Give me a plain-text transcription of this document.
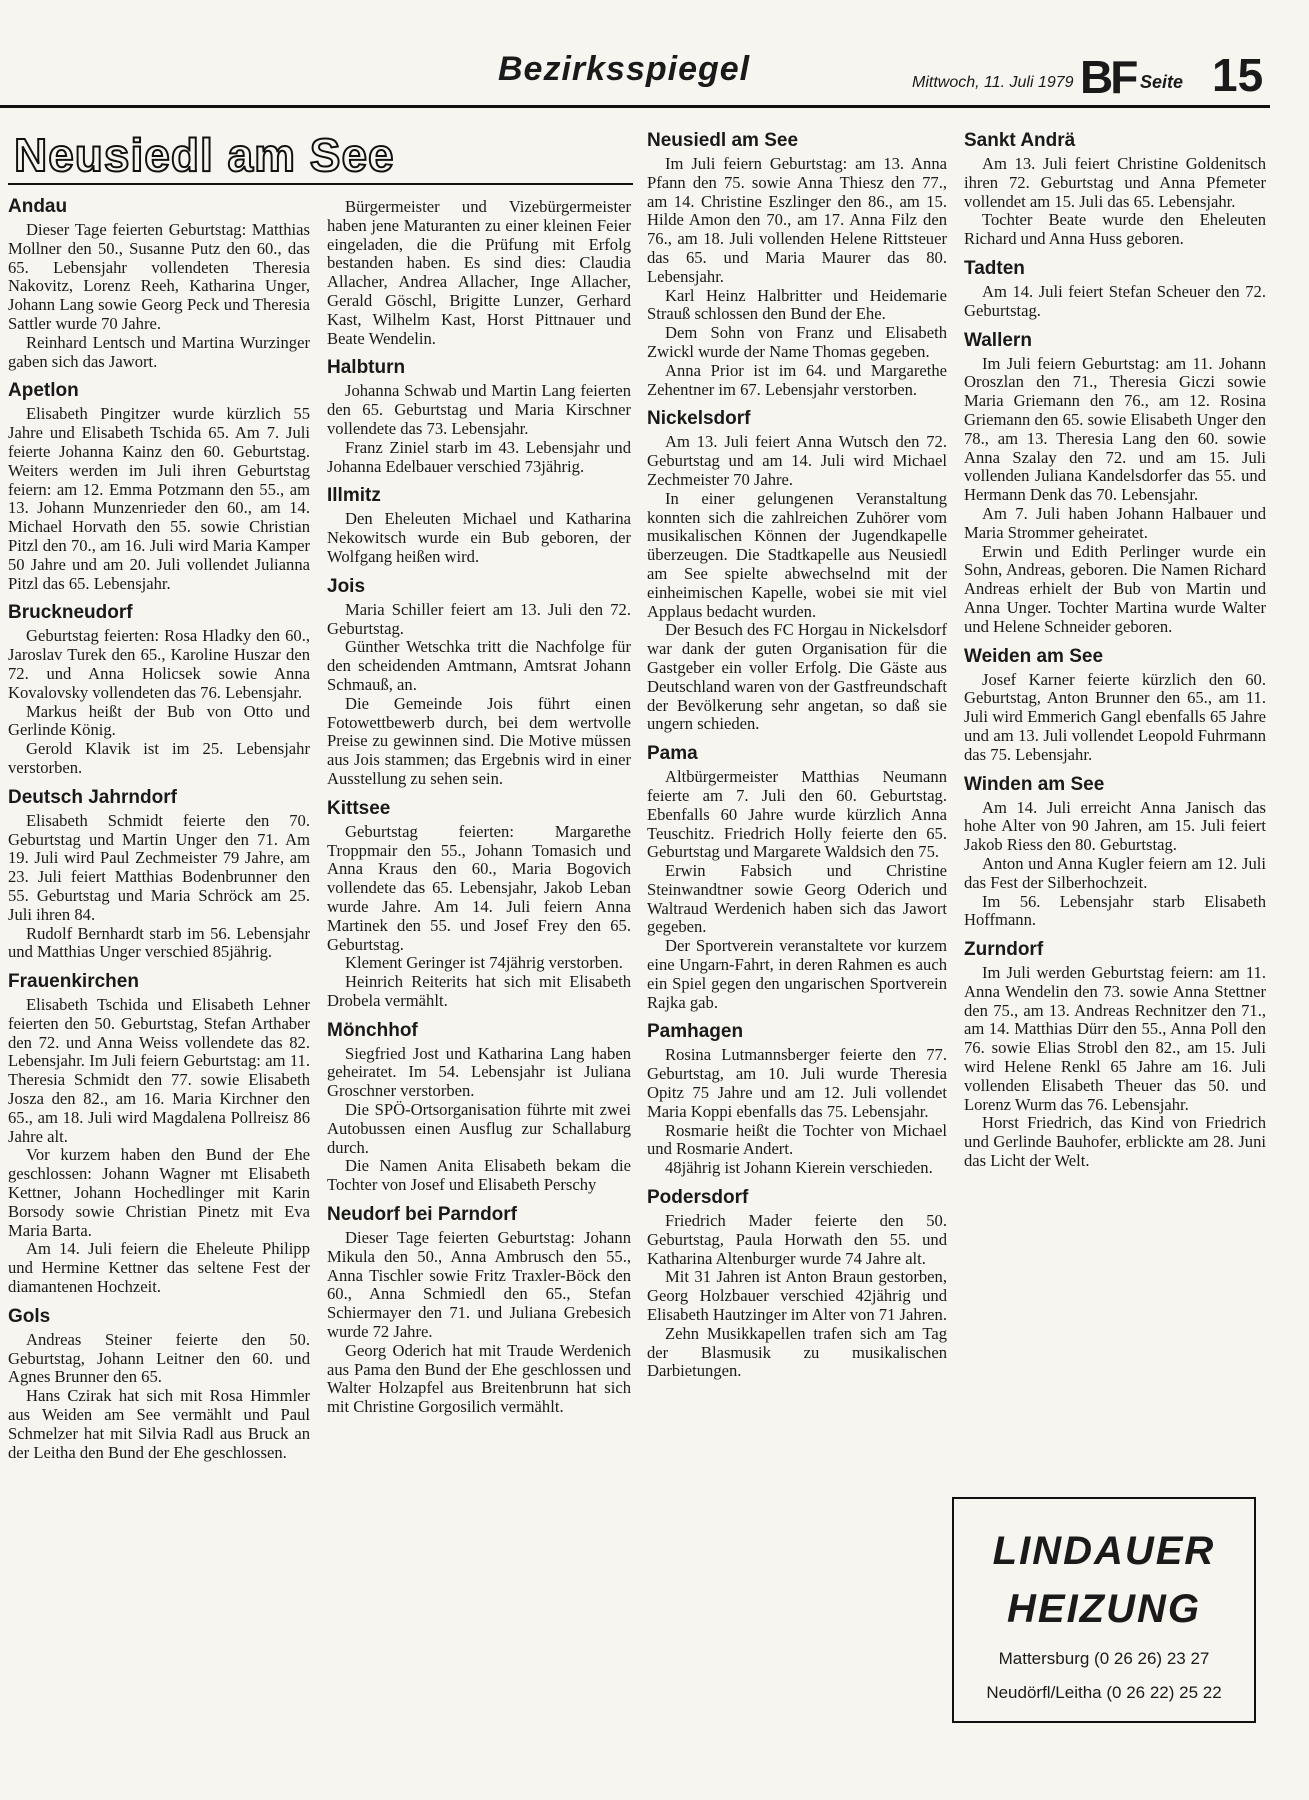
Bezirksspiegel	Mittwoch, 11. Juli 1979 BF Seite 15
Neusiedl am See
Andau

Dieser Tage feierten Geburtstag: Matthias Mollner den 50., Susanne Putz den 60., das 65. Lebensjahr vollendeten Theresia Nakovitz, Lorenz Reeh, Katharina Unger, Johann Lang sowie Georg Peck und Theresia Sattler wurde 70 Jahre.

Reinhard Lentsch und Martina Wurzinger gaben sich das Jawort.

Apetlon

Elisabeth Pingitzer wurde kürzlich 55 Jahre und Elisabeth Tschida 65. Am 7. Juli feierte Johanna Kainz den 60. Geburtstag. Weiters werden im Juli ihren Geburtstag feiern: am 12. Emma Potzmann den 55., am 13. Johann Munzenrieder den 60., am 14. Michael Horvath den 55. sowie Christian Pitzl den 70., am 16. Juli wird Maria Kamper 50 Jahre und am 20. Juli vollendet Julianna Pitzl das 65. Lebensjahr.

Bruckneudorf

Geburtstag feierten: Rosa Hladky den 60., Jaroslav Turek den 65., Karoline Huszar den 72. und Anna Holicsek sowie Anna Kovalovsky vollendeten das 76. Lebensjahr.

Markus heißt der Bub von Otto und Gerlinde König.

Gerold Klavik ist im 25. Lebensjahr verstorben.

Deutsch Jahrndorf

Elisabeth Schmidt feierte den 70. Geburtstag und Martin Unger den 71. Am 19. Juli wird Paul Zechmeister 79 Jahre, am 23. Juli feiert Matthias Bodenbrunner den 55. Geburtstag und Maria Schröck am 25. Juli ihren 84.

Rudolf Bernhardt starb im 56. Lebensjahr und Matthias Unger verschied 85jährig.

Frauenkirchen

Elisabeth Tschida und Elisabeth Lehner feierten den 50. Geburtstag, Stefan Arthaber den 72. und Anna Weiss vollendete das 82. Lebensjahr. Im Juli feiern Geburtstag: am 11. Theresia Schmidt den 77. sowie Elisabeth Josza den 82., am 16. Maria Kirchner den 65., am 18. Juli wird Magdalena Pollreisz 86 Jahre alt.

Vor kurzem haben den Bund der Ehe geschlossen: Johann Wagner mt Elisabeth Kettner, Johann Hochedlinger mit Karin Borsody sowie Christian Pinetz mit Eva Maria Barta.

Am 14. Juli feiern die Eheleute Philipp und Hermine Kettner das seltene Fest der diamantenen Hochzeit.

Gols

Andreas Steiner feierte den 50. Geburtstag, Johann Leitner den 60. und Agnes Brunner den 65.

Hans Czirak hat sich mit Rosa Himmler aus Weiden am See vermählt und Paul Schmelzer hat mit Silvia Radl aus Bruck an der Leitha den Bund der Ehe geschlossen.

Bürgermeister und Vizebürgermeister haben jene Maturanten zu einer kleinen Feier eingeladen, die die Prüfung mit Erfolg bestanden haben. Es sind dies: Claudia Allacher, Andrea Allacher, Inge Allacher, Gerald Göschl, Brigitte Lunzer, Gerhard Kast, Wilhelm Kast, Horst Pittnauer und Beate Wendelin.

Halbturn

Johanna Schwab und Martin Lang feierten den 65. Geburtstag und Maria Kirschner vollendete das 73. Lebensjahr.

Franz Ziniel starb im 43. Lebensjahr und Johanna Edelbauer verschied 73jährig.

Illmitz

Den Eheleuten Michael und Katharina Nekowitsch wurde ein Bub geboren, der Wolfgang heißen wird.

Jois

Maria Schiller feiert am 13. Juli den 72. Geburtstag.

Günther Wetschka tritt die Nachfolge für den scheidenden Amtmann, Amtsrat Johann Schmauß, an.

Die Gemeinde Jois führt einen Fotowettbewerb durch, bei dem wertvolle Preise zu gewinnen sind. Die Motive müssen aus Jois stammen; das Ergebnis wird in einer Ausstellung zu sehen sein.

Kittsee

Geburtstag feierten: Margarethe Troppmair den 55., Johann Tomasich und Anna Kraus den 60., Maria Bogovich vollendete das 65. Lebensjahr, Jakob Leban wurde Jahre. Am 14. Juli feiern Anna Martinek den 55. und Josef Frey den 65. Geburtstag.

Klement Geringer ist 74jährig verstorben.

Heinrich Reiterits hat sich mit Elisabeth Drobela vermählt.

Mönchhof

Siegfried Jost und Katharina Lang haben geheiratet. Im 54. Lebensjahr ist Juliana Groschner verstorben.

Die SPÖ-Ortsorganisation führte mit zwei Autobussen einen Ausflug zur Schallaburg durch.

Die Namen Anita Elisabeth bekam die Tochter von Josef und Elisabeth Perschy

Neudorf bei Parndorf

Dieser Tage feierten Geburtstag: Johann Mikula den 50., Anna Ambrusch den 55., Anna Tischler sowie Fritz Traxler-Böck den 60., Anna Schmiedl den 65., Stefan Schiermayer den 71. und Juliana Grebesich wurde 72 Jahre.

Georg Oderich hat mit Traude Werdenich aus Pama den Bund der Ehe geschlossen und Walter Holzapfel aus Breitenbrunn hat sich mit Christine Gorgosilich vermählt.

Neusiedl am See

Im Juli feiern Geburtstag: am 13. Anna Pfann den 75. sowie Anna Thiesz den 77., am 14. Christine Eszlinger den 86., am 15. Hilde Amon den 70., am 17. Anna Filz den 76., am 18. Juli vollenden Helene Rittsteuer das 65. und Maria Maurer das 80. Lebensjahr.

Karl Heinz Halbritter und Heidemarie Strauß schlossen den Bund der Ehe.

Dem Sohn von Franz und Elisabeth Zwickl wurde der Name Thomas gegeben.

Anna Prior ist im 64. und Margarethe Zehentner im 67. Lebensjahr verstorben.

Nickelsdorf

Am 13. Juli feiert Anna Wutsch den 72. Geburtstag und am 14. Juli wird Michael Zechmeister 70 Jahre.

In einer gelungenen Veranstaltung konnten sich die zahlreichen Zuhörer vom musikalischen Können der Jugendkapelle überzeugen. Die Stadtkapelle aus Neusiedl am See spielte abwechselnd mit der einheimischen Kapelle, wobei sie mit viel Applaus bedacht wurden.

Der Besuch des FC Horgau in Nickelsdorf war dank der guten Organisation für die Gastgeber ein voller Erfolg. Die Gäste aus Deutschland waren von der Gastfreundschaft der Bevölkerung sehr angetan, so daß sie ungern schieden.

Pama

Altbürgermeister Matthias Neumann feierte am 7. Juli den 60. Geburtstag. Ebenfalls 60 Jahre wurde kürzlich Anna Teuschitz. Friedrich Holly feierte den 65. Geburtstag und Margarete Waldsich den 75.

Erwin Fabsich und Christine Steinwandtner sowie Georg Oderich und Waltraud Werdenich haben sich das Jawort gegeben.

Der Sportverein veranstaltete vor kurzem eine Ungarn-Fahrt, in deren Rahmen es auch ein Spiel gegen den ungarischen Sportverein Rajka gab.

Pamhagen

Rosina Lutmannsberger feierte den 77. Geburtstag, am 10. Juli wurde Theresia Opitz 75 Jahre und am 12. Juli vollendet Maria Koppi ebenfalls das 75. Lebensjahr.

Rosmarie heißt die Tochter von Michael und Rosmarie Andert.

48jährig ist Johann Kierein verschieden.

Podersdorf

Friedrich Mader feierte den 50. Geburtstag, Paula Horwath den 55. und Katharina Altenburger wurde 74 Jahre alt.

Mit 31 Jahren ist Anton Braun gestorben, Georg Holzbauer verschied 42jährig und Elisabeth Hautzinger im Alter von 71 Jahren.

Zehn Musikkapellen trafen sich am Tag der Blasmusik zu musikalischen Darbietungen.

Sankt Andrä

Am 13. Juli feiert Christine Goldenitsch ihren 72. Geburtstag und Anna Pfemeter vollendet am 15. Juli das 65. Lebensjahr.

Tochter Beate wurde den Eheleuten Richard und Anna Huss geboren.

Tadten

Am 14. Juli feiert Stefan Scheuer den 72. Geburtstag.

Wallern

Im Juli feiern Geburtstag: am 11. Johann Oroszlan den 71., Theresia Giczi sowie Maria Griemann den 76., am 12. Rosina Griemann den 65. sowie Elisabeth Unger den 78., am 13. Theresia Lang den 60. sowie Anna Szalay den 72. und am 15. Juli vollenden Juliana Kandelsdorfer das 55. und Hermann Denk das 70. Lebensjahr.

Am 7. Juli haben Johann Halbauer und Maria Strommer geheiratet.

Erwin und Edith Perlinger wurde ein Sohn, Andreas, geboren. Die Namen Richard Andreas erhielt der Bub von Martin und Anna Unger. Tochter Martina wurde Walter und Helene Schneider geboren.

Weiden am See

Josef Karner feierte kürzlich den 60. Geburtstag, Anton Brunner den 65., am 11. Juli wird Emmerich Gangl ebenfalls 65 Jahre und am 13. Juli vollendet Leopold Fuhrmann das 75. Lebensjahr.

Winden am See

Am 14. Juli erreicht Anna Janisch das hohe Alter von 90 Jahren, am 15. Juli feiert Jakob Riess den 80. Geburtstag.

Anton und Anna Kugler feiern am 12. Juli das Fest der Silberhochzeit.

Im 56. Lebensjahr starb Elisabeth Hoffmann.

Zurndorf

Im Juli werden Geburtstag feiern: am 11. Anna Wendelin den 73. sowie Anna Stettner den 75., am 13. Andreas Rechnitzer den 71., am 14. Matthias Dürr den 55., Anna Poll den 76. sowie Elias Strobl den 82., am 15. Juli wird Helene Renkl 65 Jahre am 16. Juli vollenden Elisabeth Theuer das 50. und Lorenz Wurm das 76. Lebensjahr.

Horst Friedrich, das Kind von Friedrich und Gerlinde Bauhofer, erblickte am 28. Juni das Licht der Welt.

LINDAUER
HEIZUNG
Mattersburg (0 26 26) 23 27
Neudörfl/Leitha (0 26 22) 25 22
